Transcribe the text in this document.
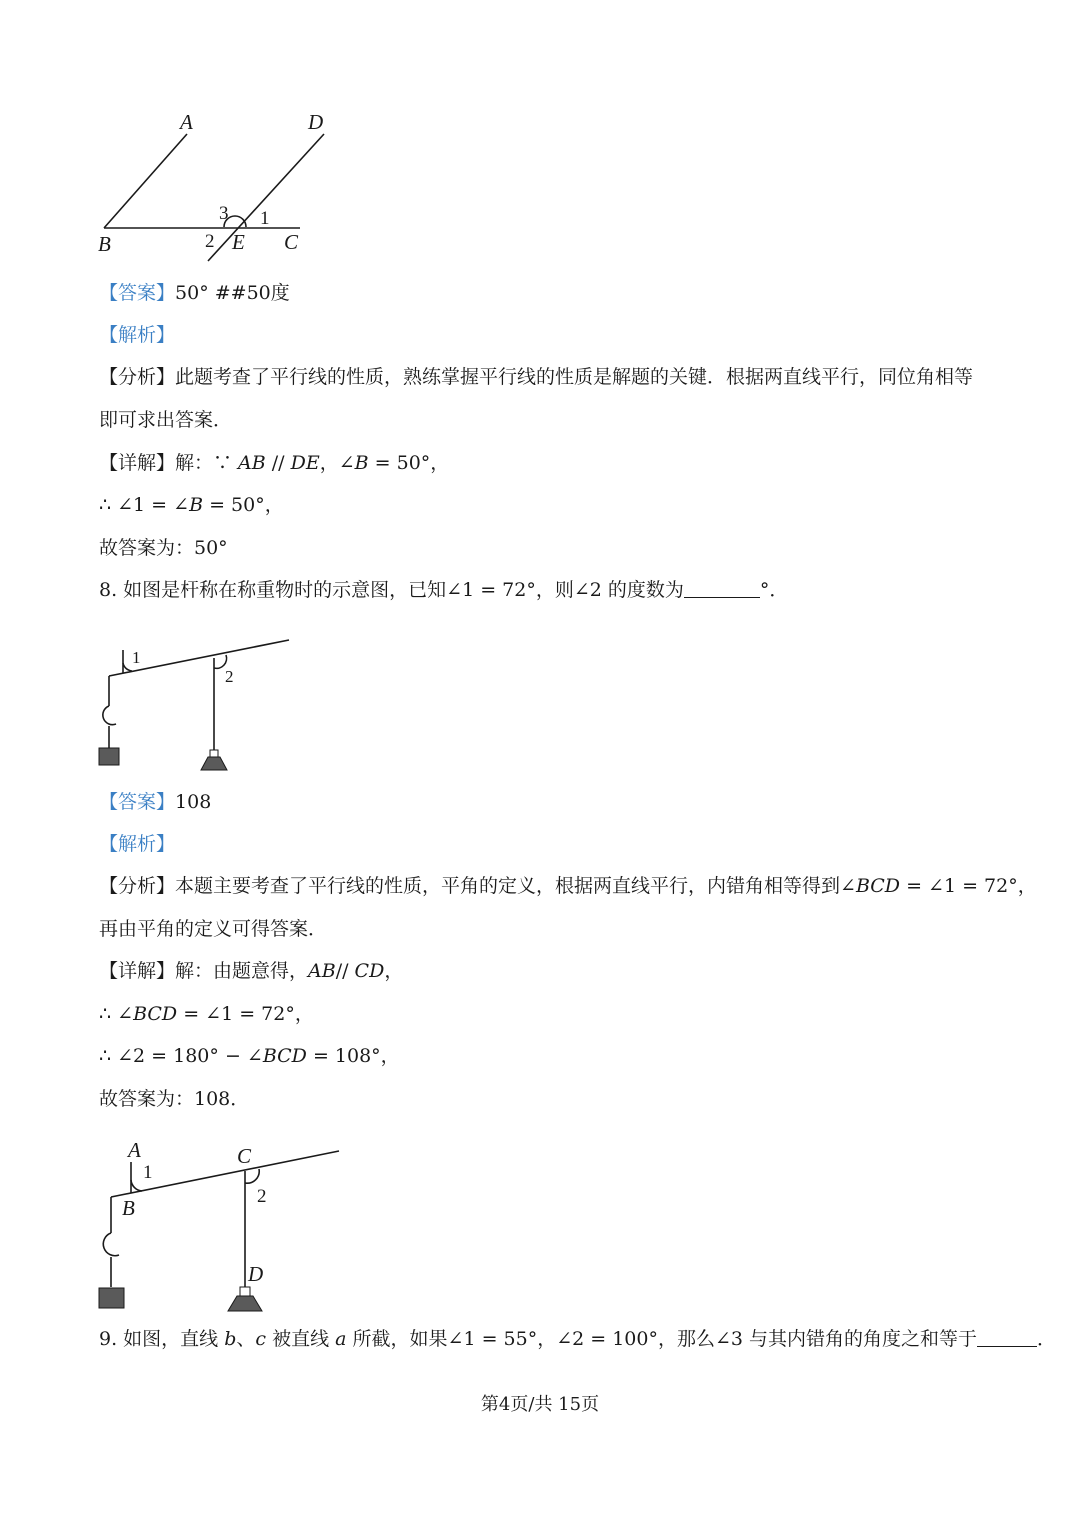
A	D
3 1
B	2 E C
【答案】50° ##50度
【解析】
【分析】此题考查了平行线的性质，熟练掌握平行线的性质是解题的关键．根据两直线平行，同位角相等
即可求出答案．
【详解】解：∵ AB // DE，∠B = 50°，
∴ ∠1 = ∠B = 50°，
故答案为：50°
8. 如图是杆称在称重物时的示意图，已知∠1 = 72°，则∠2 的度数为	°．
1
2
【答案】108
【解析】
【分析】本题主要考查了平行线的性质，平角的定义，根据两直线平行，内错角相等得到∠BCD = ∠1 = 72°，
再由平角的定义可得答案．
【详解】解：由题意得，AB// CD，
∴ ∠BCD = ∠1 = 72°，
∴ ∠2 = 180° − ∠BCD = 108°，
故答案为：108．
A
1
C
2
B
D
9. 如图，直线 b、c 被直线 a 所截，如果∠1 = 55°，∠2 = 100°，那么∠3 与其内错角的角度之和等于	．
第4页/共 15页
